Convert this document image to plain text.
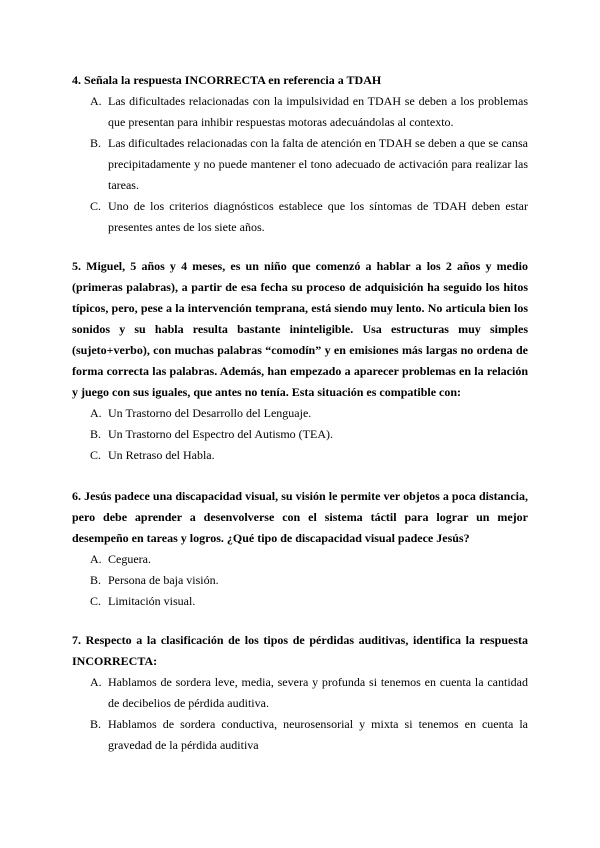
4. Señala la respuesta INCORRECTA en referencia a TDAH

A. Las dificultades relacionadas con la impulsividad en TDAH se deben a los problemas que presentan para inhibir respuestas motoras adecuándolas al contexto.
B. Las dificultades relacionadas con la falta de atención en TDAH se deben a que se cansa precipitadamente y no puede mantener el tono adecuado de activación para realizar las tareas.
C. Uno de los criterios diagnósticos establece que los síntomas de TDAH deben estar presentes antes de los siete años.

5. Miguel, 5 años y 4 meses, es un niño que comenzó a hablar a los 2 años y medio (primeras palabras), a partir de esa fecha su proceso de adquisición ha seguido los hitos típicos, pero, pese a la intervención temprana, está siendo muy lento. No articula bien los sonidos y su habla resulta bastante ininteligible. Usa estructuras muy simples (sujeto+verbo), con muchas palabras “comodín” y en emisiones más largas no ordena de forma correcta las palabras. Además, han empezado a aparecer problemas en la relación y juego con sus iguales, que antes no tenía. Esta situación es compatible con:

A. Un Trastorno del Desarrollo del Lenguaje.
B. Un Trastorno del Espectro del Autismo (TEA).
C. Un Retraso del Habla.

6. Jesús padece una discapacidad visual, su visión le permite ver objetos a poca distancia, pero debe aprender a desenvolverse con el sistema táctil para lograr un mejor desempeño en tareas y logros. ¿Qué tipo de discapacidad visual padece Jesús?

A. Ceguera.
B. Persona de baja visión.
C. Limitación visual.

7. Respecto a la clasificación de los tipos de pérdidas auditivas, identifica la respuesta INCORRECTA:

A. Hablamos de sordera leve, media, severa y profunda si tenemos en cuenta la cantidad de decibelios de pérdida auditiva.
B. Hablamos de sordera conductiva, neurosensorial y mixta si tenemos en cuenta la gravedad de la pérdida auditiva
